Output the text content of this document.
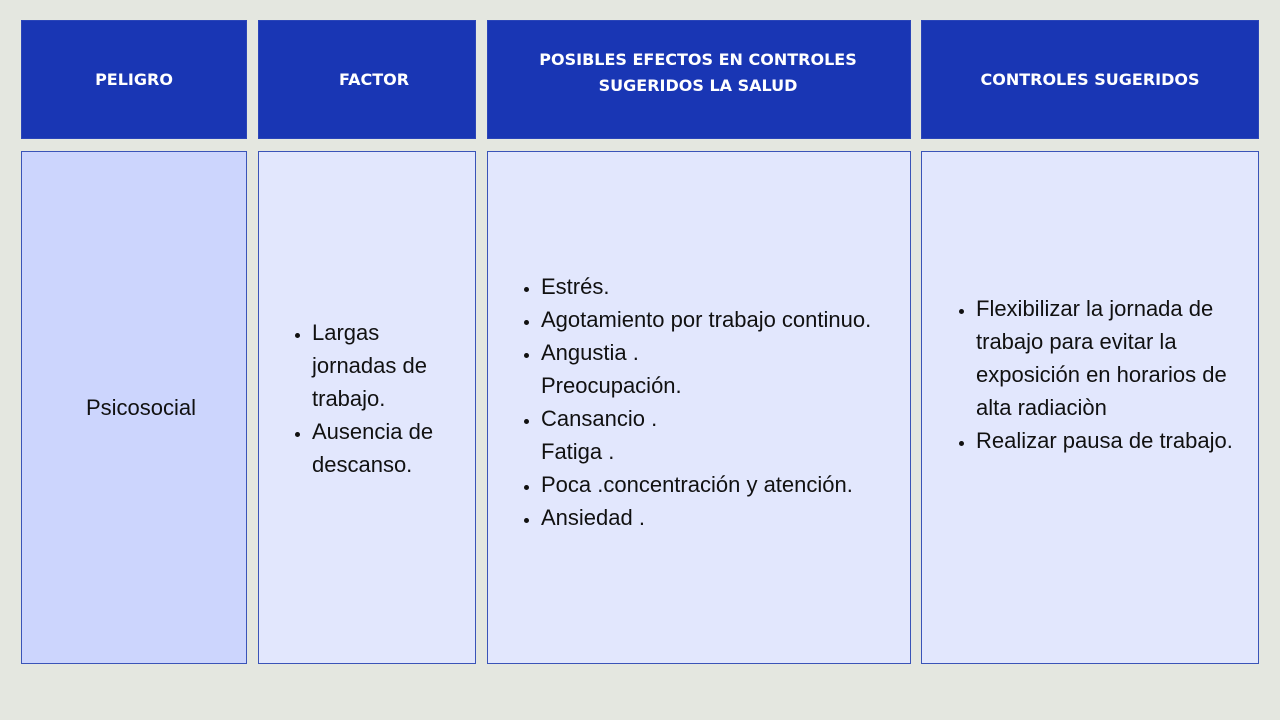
PELIGRO	FACTOR
POSIBLES EFECTOS EN CONTROLES
SUGERIDOS LA SALUD	CONTROLES SUGERIDOS
Psicosocial
• Largas jornadas de trabajo.
• Ausencia de descanso.
• Estrés.
• Agotamiento por trabajo continuo.
• Angustia .
Preocupación.
• Cansancio .
Fatiga .
• Poca .concentración y atención.
• Ansiedad .
• Flexibilizar la jornada de trabajo para evitar la exposición en horarios de alta radiaciòn
• Realizar pausa de trabajo.
